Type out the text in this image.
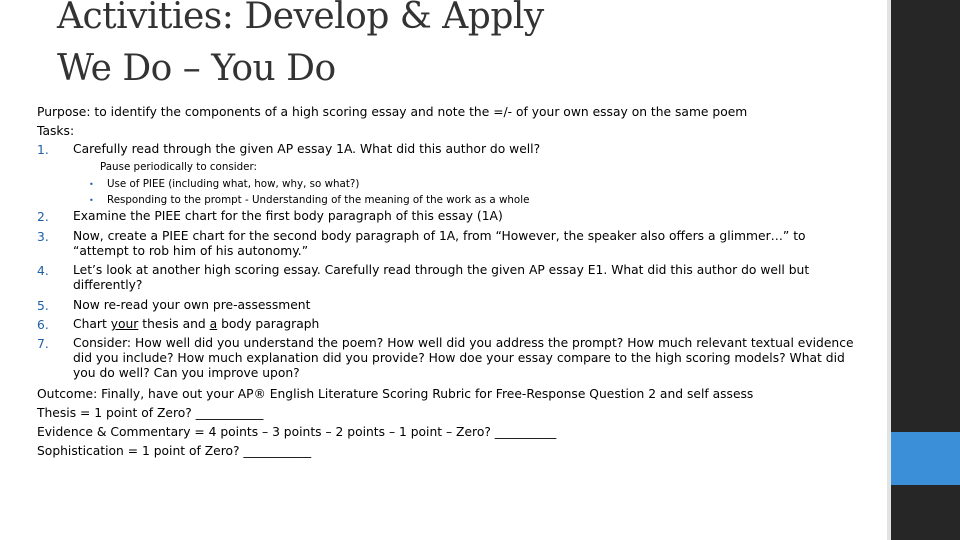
Activities: Develop & Apply
We Do – You Do
Purpose: to identify the components of a high scoring essay and note the =/- of your own essay on the same poem
Tasks:
1. Carefully read through the given AP essay 1A. What did this author do well?
Pause periodically to consider:
• Use of PIEE (including what, how, why, so what?)
• Responding to the prompt - Understanding of the meaning of the work as a whole
2. Examine the PIEE chart for the first body paragraph of this essay (1A)
3. Now, create a PIEE chart for the second body paragraph of 1A, from “However, the speaker also offers a glimmer…” to “attempt to rob him of his autonomy.”
4. Let’s look at another high scoring essay. Carefully read through the given AP essay E1. What did this author do well but differently?
5. Now re-read your own pre-assessment
6. Chart your thesis and a body paragraph
7. Consider: How well did you understand the poem? How well did you address the prompt? How much relevant textual evidence did you include? How much explanation did you provide? How doe your essay compare to the high scoring models? What did you do well? Can you improve upon?
Outcome: Finally, have out your AP® English Literature Scoring Rubric for Free-Response Question 2 and self assess
Thesis = 1 point of Zero? ___________
Evidence & Commentary = 4 points – 3 points – 2 points – 1 point – Zero? __________
Sophistication = 1 point of Zero? ___________
